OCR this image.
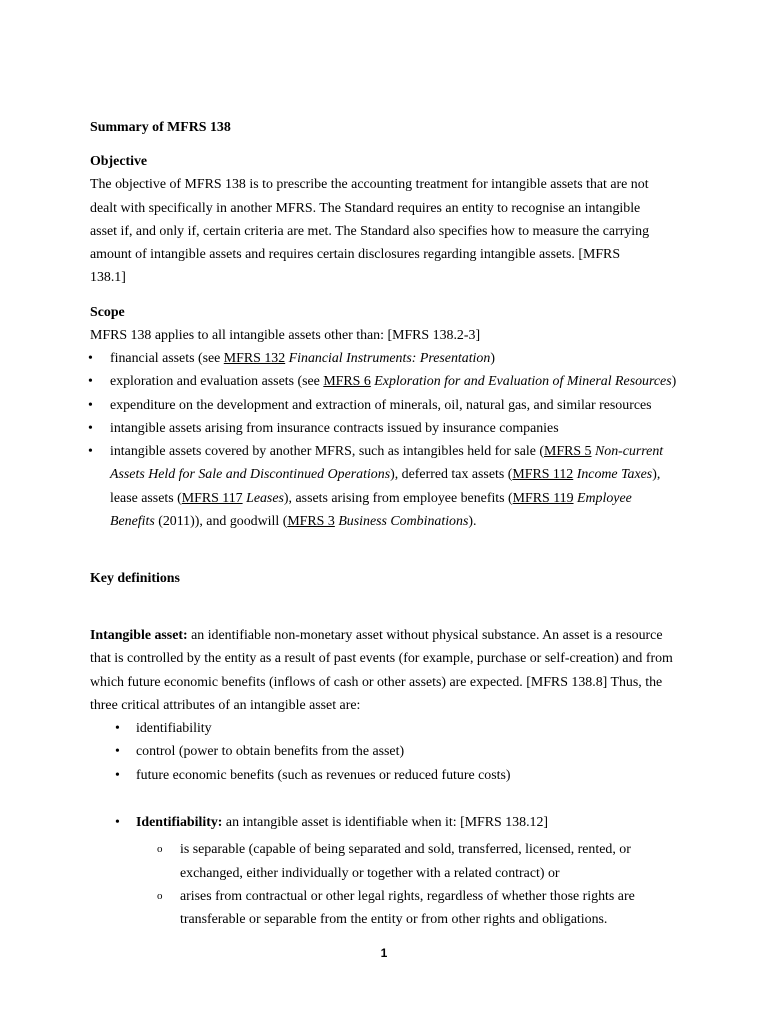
Summary of MFRS 138

Objective

The objective of MFRS 138 is to prescribe the accounting treatment for intangible assets that are not dealt with specifically in another MFRS. The Standard requires an entity to recognise an intangible asset if, and only if, certain criteria are met. The Standard also specifies how to measure the carrying amount of intangible assets and requires certain disclosures regarding intangible assets. [MFRS 138.1]

Scope

MFRS 138 applies to all intangible assets other than: [MFRS 138.2-3]

• financial assets (see MFRS 132 Financial Instruments: Presentation)
• exploration and evaluation assets (see MFRS 6 Exploration for and Evaluation of Mineral Resources)
• expenditure on the development and extraction of minerals, oil, natural gas, and similar resources
• intangible assets arising from insurance contracts issued by insurance companies
• intangible assets covered by another MFRS, such as intangibles held for sale (MFRS 5 Non-current Assets Held for Sale and Discontinued Operations), deferred tax assets (MFRS 112 Income Taxes), lease assets (MFRS 117 Leases), assets arising from employee benefits (MFRS 119 Employee Benefits (2011)), and goodwill (MFRS 3 Business Combinations).
Key definitions
Intangible asset: an identifiable non-monetary asset without physical substance. An asset is a resource that is controlled by the entity as a result of past events (for example, purchase or self-creation) and from which future economic benefits (inflows of cash or other assets) are expected. [MFRS 138.8] Thus, the three critical attributes of an intangible asset are:
• identifiability
• control (power to obtain benefits from the asset)
• future economic benefits (such as revenues or reduced future costs)
• Identifiability: an intangible asset is identifiable when it: [MFRS 138.12]
o is separable (capable of being separated and sold, transferred, licensed, rented, or exchanged, either individually or together with a related contract) or
o arises from contractual or other legal rights, regardless of whether those rights are transferable or separable from the entity or from other rights and obligations.
1
